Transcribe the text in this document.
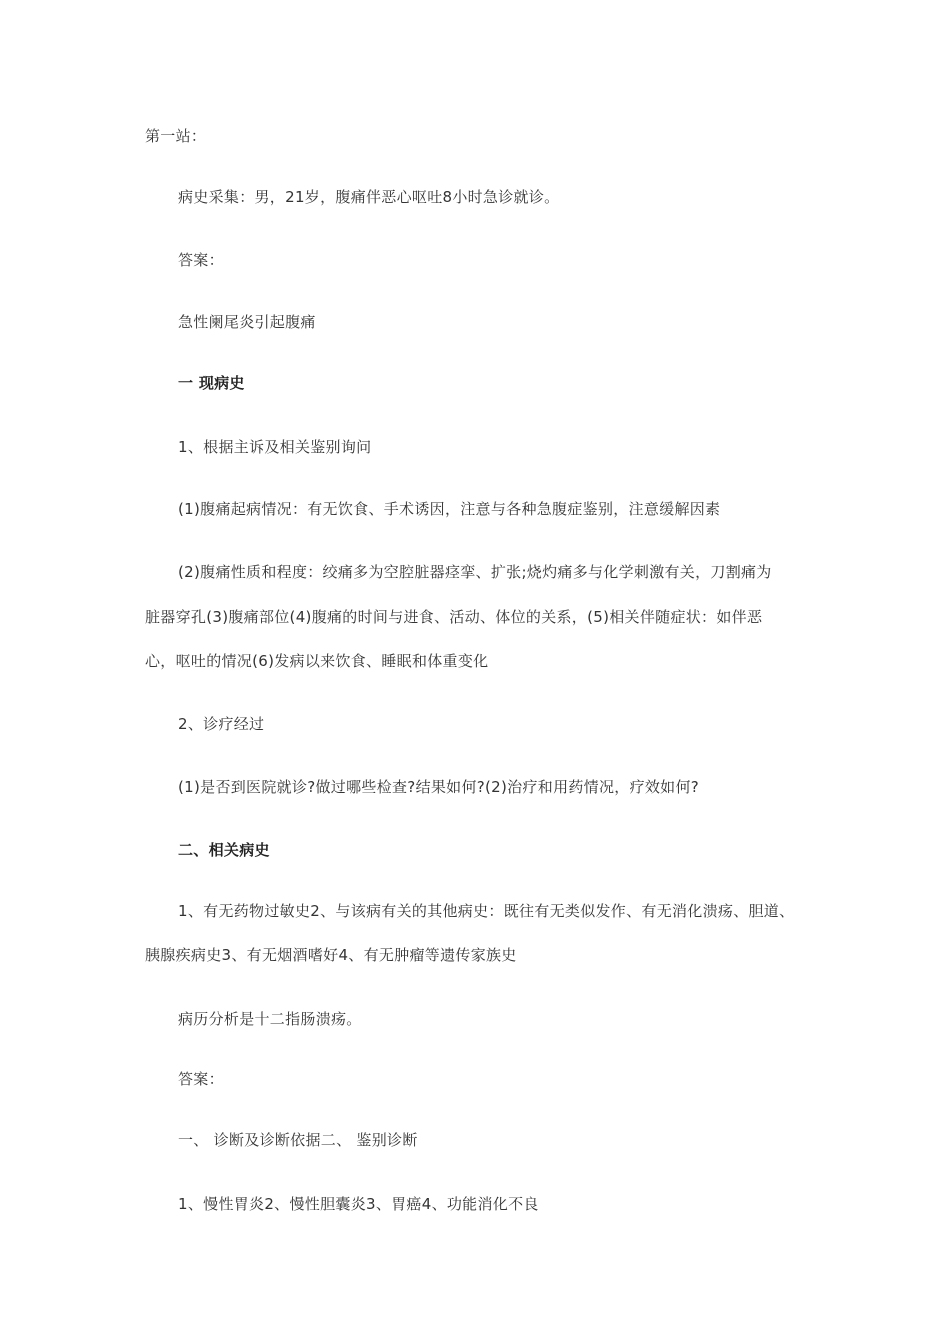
第一站：
病史采集：男，21岁，腹痛伴恶心呕吐8小时急诊就诊。
答案：
急性阑尾炎引起腹痛
一 现病史
1、根据主诉及相关鉴别询问
(1)腹痛起病情况：有无饮食、手术诱因，注意与各种急腹症鉴别，注意缓解因素
(2)腹痛性质和程度：绞痛多为空腔脏器痉挛、扩张;烧灼痛多与化学刺激有关，刀割痛为
脏器穿孔(3)腹痛部位(4)腹痛的时间与进食、活动、体位的关系，(5)相关伴随症状：如伴恶
心，呕吐的情况(6)发病以来饮食、睡眠和体重变化
2、诊疗经过
(1)是否到医院就诊?做过哪些检查?结果如何?(2)治疗和用药情况，疗效如何?
二、相关病史
1、有无药物过敏史2、与该病有关的其他病史：既往有无类似发作、有无消化溃疡、胆道、
胰腺疾病史3、有无烟酒嗜好4、有无肿瘤等遗传家族史
病历分析是十二指肠溃疡。
答案：
一、 诊断及诊断依据二、 鉴别诊断
1、慢性胃炎2、慢性胆囊炎3、胃癌4、功能消化不良
